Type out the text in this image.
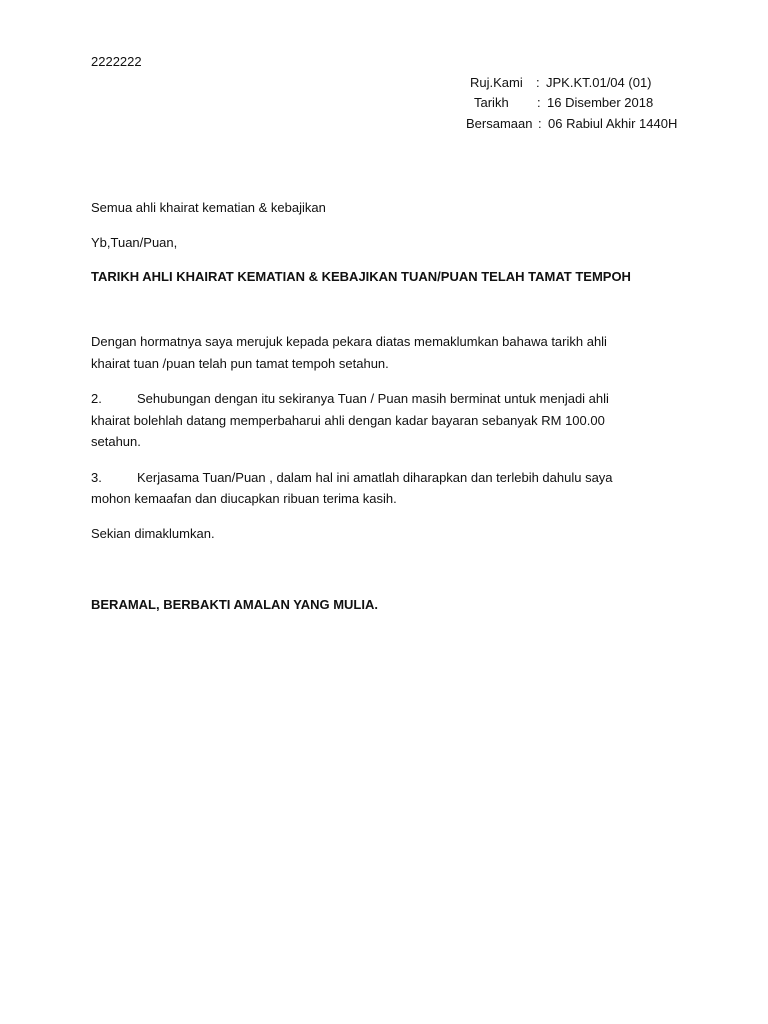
2222222
Ruj.Kami : JPK.KT.01/04 (01)
Tarikh : 16 Disember 2018
Bersamaan : 06 Rabiul Akhir 1440H
Semua ahli khairat kematian & kebajikan
Yb,Tuan/Puan,
TARIKH AHLI KHAIRAT KEMATIAN & KEBAJIKAN TUAN/PUAN TELAH TAMAT TEMPOH
Dengan hormatnya saya merujuk kepada pekara diatas memaklumkan bahawa tarikh ahli
khairat tuan /puan telah pun tamat tempoh setahun.
2.	Sehubungan dengan itu sekiranya Tuan / Puan masih berminat untuk menjadi ahli
khairat bolehlah datang memperbaharui ahli dengan kadar bayaran sebanyak RM 100.00
setahun.
3.	Kerjasama Tuan/Puan , dalam hal ini amatlah diharapkan dan terlebih dahulu saya
mohon kemaafan dan diucapkan ribuan terima kasih.
Sekian dimaklumkan.
BERAMAL, BERBAKTI AMALAN YANG MULIA.
